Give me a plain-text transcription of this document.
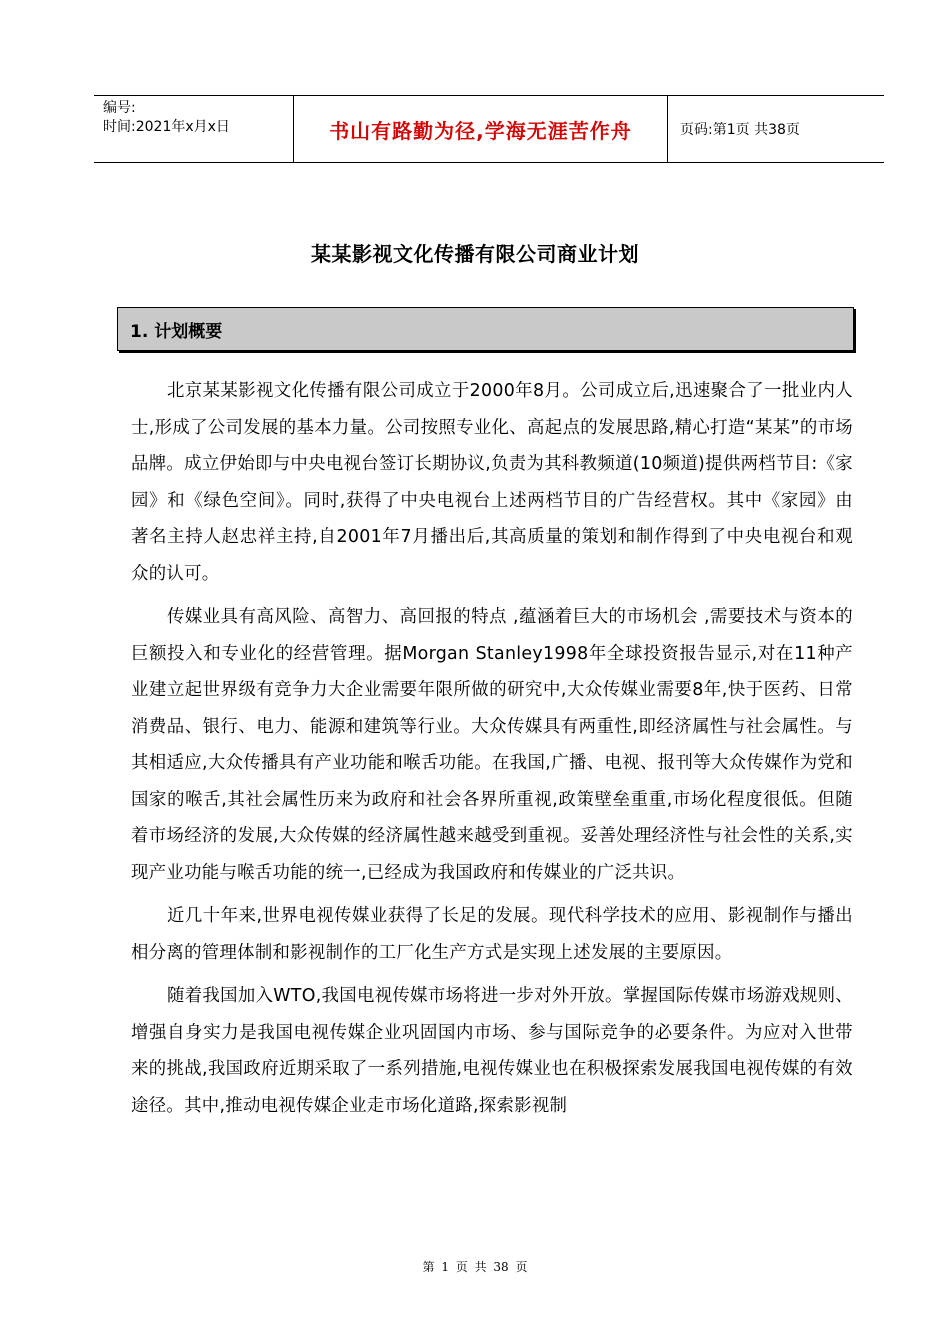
编号:
时间:2021年x月x日	书山有路勤为径,学海无涯苦作舟	页码:第1页 共38页
某某影视文化传播有限公司商业计划
1. 计划概要

北京某某影视文化传播有限公司成立于2000年8月。公司成立后,迅速聚合了一批业内人士,形成了公司发展的基本力量。公司按照专业化、高起点的发展思路,精心打造“某某”的市场品牌。成立伊始即与中央电视台签订长期协议,负责为其科教频道(10频道)提供两档节目:《家园》和《绿色空间》。同时,获得了中央电视台上述两档节目的广告经营权。其中《家园》由著名主持人赵忠祥主持,自2001年7月播出后,其高质量的策划和制作得到了中央电视台和观众的认可。

传媒业具有高风险、高智力、高回报的特点 ,蕴涵着巨大的市场机会 ,需要技术与资本的巨额投入和专业化的经营管理。据Morgan Stanley1998年全球投资报告显示,对在11种产业建立起世界级有竞争力大企业需要年限所做的研究中,大众传媒业需要8年,快于医药、日常消费品、银行、电力、能源和建筑等行业。大众传媒具有两重性,即经济属性与社会属性。与其相适应,大众传播具有产业功能和喉舌功能。在我国,广播、电视、报刊等大众传媒作为党和国家的喉舌,其社会属性历来为政府和社会各界所重视,政策壁垒重重,市场化程度很低。但随着市场经济的发展,大众传媒的经济属性越来越受到重视。妥善处理经济性与社会性的关系,实现产业功能与喉舌功能的统一,已经成为我国政府和传媒业的广泛共识。

近几十年来,世界电视传媒业获得了长足的发展。现代科学技术的应用、影视制作与播出相分离的管理体制和影视制作的工厂化生产方式是实现上述发展的主要原因。

随着我国加入WTO,我国电视传媒市场将进一步对外开放。掌握国际传媒市场游戏规则、增强自身实力是我国电视传媒企业巩固国内市场、参与国际竞争的必要条件。为应对入世带来的挑战,我国政府近期采取了一系列措施,电视传媒业也在积极探索发展我国电视传媒的有效途径。其中,推动电视传媒企业走市场化道路,探索影视制

第 1 页 共 38 页
